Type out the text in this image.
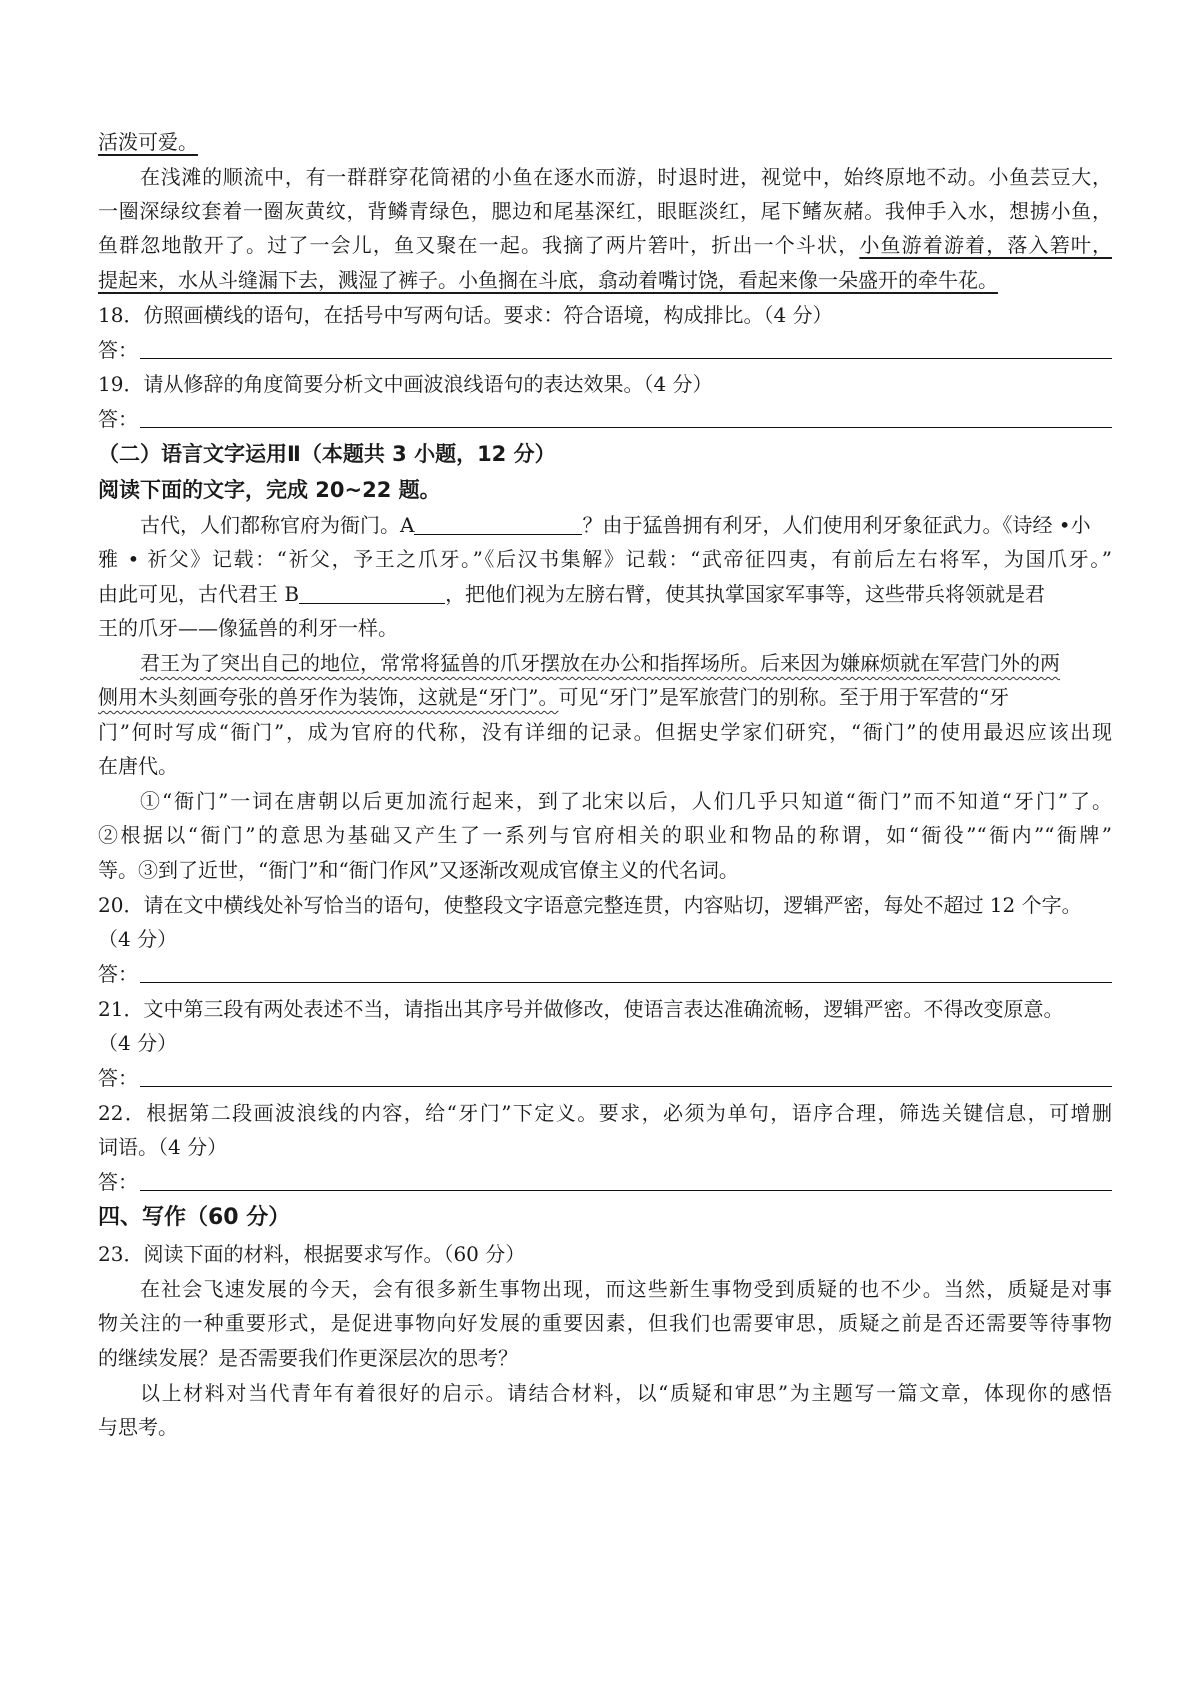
活泼可爱。
在浅滩的顺流中，有一群群穿花筒裙的小鱼在逐水而游，时退时进，视觉中，始终原地不动。小鱼芸豆大，
一圈深绿纹套着一圈灰黄纹，背鳞青绿色，腮边和尾基深红，眼眶淡红，尾下鳍灰赭。我伸手入水，想掳小鱼，
鱼群忽地散开了。过了一会儿，鱼又聚在一起。我摘了两片箬叶，折出一个斗状，小鱼游着游着，落入箬叶，
提起来，水从斗缝漏下去，溅湿了裤子。小鱼搁在斗底，翕动着嘴讨饶，看起来像一朵盛开的牵牛花。
18．仿照画横线的语句，在括号中写两句话。要求：符合语境，构成排比。（4 分）
答：
19．请从修辞的角度简要分析文中画波浪线语句的表达效果。（4 分）
答：
（二）语言文字运用Ⅱ（本题共 3 小题，12 分）
阅读下面的文字，完成 20~22 题。
古代，人们都称官府为衙门。A	？由于猛兽拥有利牙，人们使用利牙象征武力。《诗经 •小
雅 • 祈父》记载：“祈父，予王之爪牙。”《后汉书集解》记载：“武帝征四夷，有前后左右将军，为国爪牙。”
由此可见，古代君王 B	，把他们视为左膀右臂，使其执掌国家军事等，这些带兵将领就是君
王的爪牙——像猛兽的利牙一样。
君王为了突出自己的地位，常常将猛兽的爪牙摆放在办公和指挥场所。后来因为嫌麻烦就在军营门外的两
侧用木头刻画夸张的兽牙作为装饰，这就是“牙门”。可见“牙门”是军旅营门的别称。至于用于军营的“牙
门”何时写成“衙门”，成为官府的代称，没有详细的记录。但据史学家们研究，“衙门”的使用最迟应该出现
在唐代。
①“衙门”一词在唐朝以后更加流行起来，到了北宋以后，人们几乎只知道“衙门”而不知道“牙门”了。
②根据以“衙门”的意思为基础又产生了一系列与官府相关的职业和物品的称谓，如“衙役”“衙内”“衙牌”
等。③到了近世，“衙门”和“衙门作风”又逐渐改观成官僚主义的代名词。
20．请在文中横线处补写恰当的语句，使整段文字语意完整连贯，内容贴切，逻辑严密，每处不超过 12 个字。
（4 分）
答：
21．文中第三段有两处表述不当，请指出其序号并做修改，使语言表达准确流畅，逻辑严密。不得改变原意。
（4 分）
答：
22．根据第二段画波浪线的内容，给“牙门”下定义。要求，必须为单句，语序合理，筛选关键信息，可增删
词语。（4 分）
答：
四、写作（60 分）
23．阅读下面的材料，根据要求写作。（60 分）
在社会飞速发展的今天，会有很多新生事物出现，而这些新生事物受到质疑的也不少。当然，质疑是对事
物关注的一种重要形式，是促进事物向好发展的重要因素，但我们也需要审思，质疑之前是否还需要等待事物
的继续发展？是否需要我们作更深层次的思考？
以上材料对当代青年有着很好的启示。请结合材料，以“质疑和审思”为主题写一篇文章，体现你的感悟
与思考。
